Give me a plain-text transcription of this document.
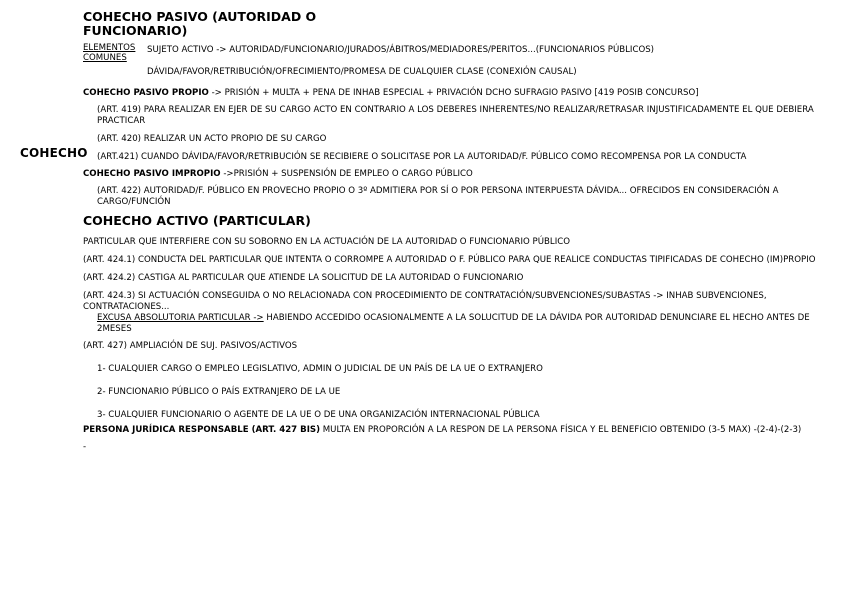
COHECHO
COHECHO PASIVO (AUTORIDAD O FUNCIONARIO)
ELEMENTOS COMUNES
SUJETO ACTIVO -> AUTORIDAD/FUNCIONARIO/JURADOS/ÁBITROS/MEDIADORES/PERITOS...(FUNCIONARIOS PÚBLICOS)
DÁVIDA/FAVOR/RETRIBUCIÓN/OFRECIMIENTO/PROMESA DE CUALQUIER CLASE (CONEXIÓN CAUSAL)
COHECHO PASIVO PROPIO -> PRISIÓN + MULTA + PENA DE INHAB ESPECIAL + PRIVACIÓN DCHO SUFRAGIO PASIVO [419 POSIB CONCURSO]
(ART. 419) PARA REALIZAR EN EJER DE SU CARGO ACTO EN CONTRARIO A LOS DEBERES INHERENTES/NO REALIZAR/RETRASAR INJUSTIFICADAMENTE EL QUE DEBIERA PRACTICAR
(ART. 420) REALIZAR UN ACTO PROPIO DE SU CARGO
(ART.421) CUANDO DÁVIDA/FAVOR/RETRIBUCIÓN SE RECIBIERE O SOLICITASE POR LA AUTORIDAD/F. PÚBLICO COMO RECOMPENSA POR LA CONDUCTA
COHECHO PASIVO IMPROPIO ->PRISIÓN + SUSPENSIÓN DE EMPLEO O CARGO PÚBLICO
(ART. 422) AUTORIDAD/F. PÚBLICO EN PROVECHO PROPIO O 3º ADMITIERA POR SÍ O POR PERSONA INTERPUESTA DÁVIDA... OFRECIDOS EN CONSIDERACIÓN A CARGO/FUNCIÓN
COHECHO ACTIVO (PARTICULAR)
PARTICULAR QUE INTERFIERE CON SU SOBORNO EN LA ACTUACIÓN DE LA AUTORIDAD O FUNCIONARIO PÚBLICO
(ART. 424.1) CONDUCTA DEL PARTICULAR QUE INTENTA O CORROMPE A AUTORIDAD O F. PÚBLICO PARA QUE REALICE CONDUCTAS TIPIFICADAS DE COHECHO (IM)PROPIO
(ART. 424.2) CASTIGA AL PARTICULAR QUE ATIENDE LA SOLICITUD DE LA AUTORIDAD O FUNCIONARIO
(ART. 424.3) SI ACTUACIÓN CONSEGUIDA O NO RELACIONADA CON PROCEDIMIENTO DE CONTRATACIÓN/SUBVENCIONES/SUBASTAS -> INHAB SUBVENCIONES, CONTRATACIONES...
EXCUSA ABSOLUTORIA PARTICULAR -> HABIENDO ACCEDIDO OCASIONALMENTE A LA SOLUCITUD DE LA DÁVIDA POR AUTORIDAD DENUNCIARE EL HECHO ANTES DE 2MESES
(ART. 427) AMPLIACIÓN DE SUJ. PASIVOS/ACTIVOS
1- CUALQUIER CARGO O EMPLEO LEGISLATIVO, ADMIN O JUDICIAL DE UN PAÍS DE LA UE O EXTRANJERO
2- FUNCIONARIO PÚBLICO O PAÍS EXTRANJERO DE LA UE
3- CUALQUIER FUNCIONARIO O AGENTE DE LA UE O DE UNA ORGANIZACIÓN INTERNACIONAL PÚBLICA
PERSONA JURÍDICA RESPONSABLE (ART. 427 BIS) MULTA EN PROPORCIÓN A LA RESPON DE LA PERSONA FÍSICA Y EL BENEFICIO OBTENIDO (3-5 MAX) -(2-4)-(2-3)
-
